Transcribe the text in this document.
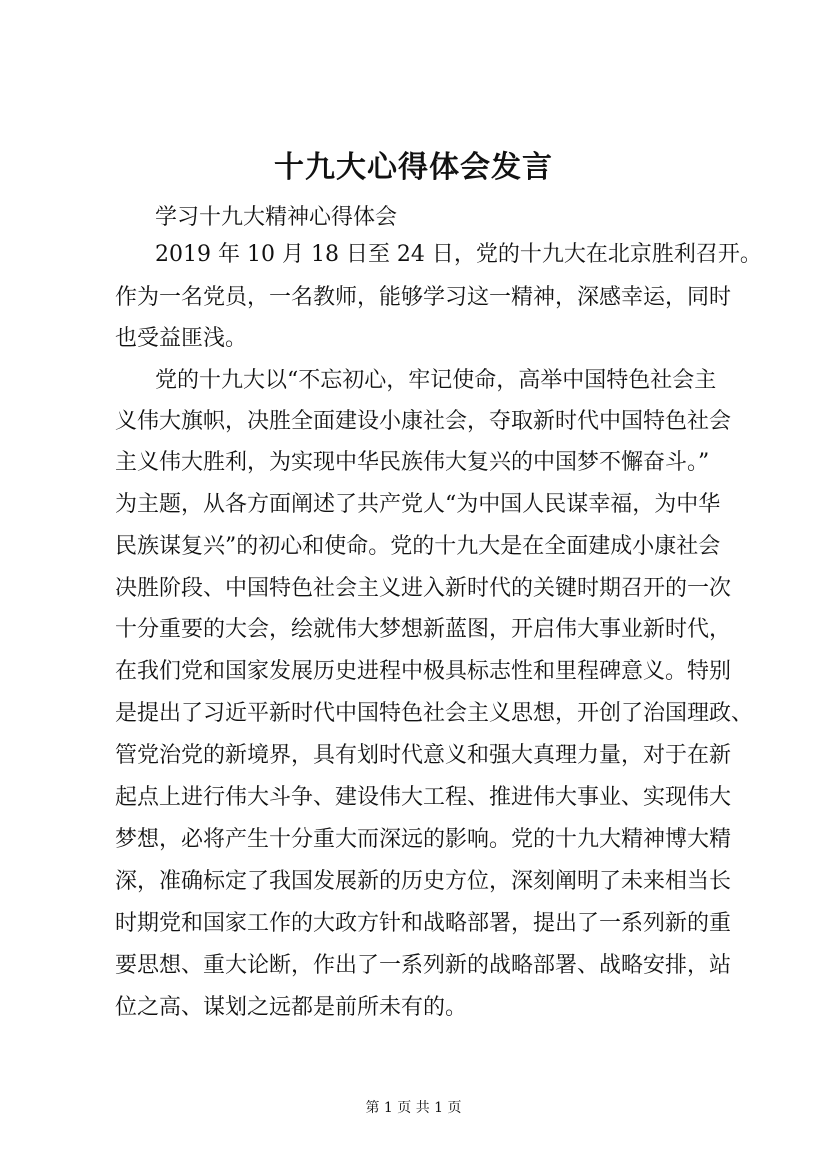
十九大心得体会发言

学习十九大精神心得体会

2019 年 10 月 18 日至 24 日，党的十九大在北京胜利召开。

作为一名党员，一名教师，能够学习这一精神，深感幸运，同时

也受益匪浅。

党的十九大以“不忘初心，牢记使命，高举中国特色社会主

义伟大旗帜，决胜全面建设小康社会，夺取新时代中国特色社会

主义伟大胜利，为实现中华民族伟大复兴的中国梦不懈奋斗。”

为主题，从各方面阐述了共产党人“为中国人民谋幸福，为中华

民族谋复兴”的初心和使命。党的十九大是在全面建成小康社会

决胜阶段、中国特色社会主义进入新时代的关键时期召开的一次

十分重要的大会，绘就伟大梦想新蓝图，开启伟大事业新时代，

在我们党和国家发展历史进程中极具标志性和里程碑意义。特别

是提出了习近平新时代中国特色社会主义思想，开创了治国理政、

管党治党的新境界，具有划时代意义和强大真理力量，对于在新

起点上进行伟大斗争、建设伟大工程、推进伟大事业、实现伟大

梦想，必将产生十分重大而深远的影响。党的十九大精神博大精

深，准确标定了我国发展新的历史方位，深刻阐明了未来相当长

时期党和国家工作的大政方针和战略部署，提出了一系列新的重

要思想、重大论断，作出了一系列新的战略部署、战略安排，站

位之高、谋划之远都是前所未有的。

第 1 页 共 1 页
